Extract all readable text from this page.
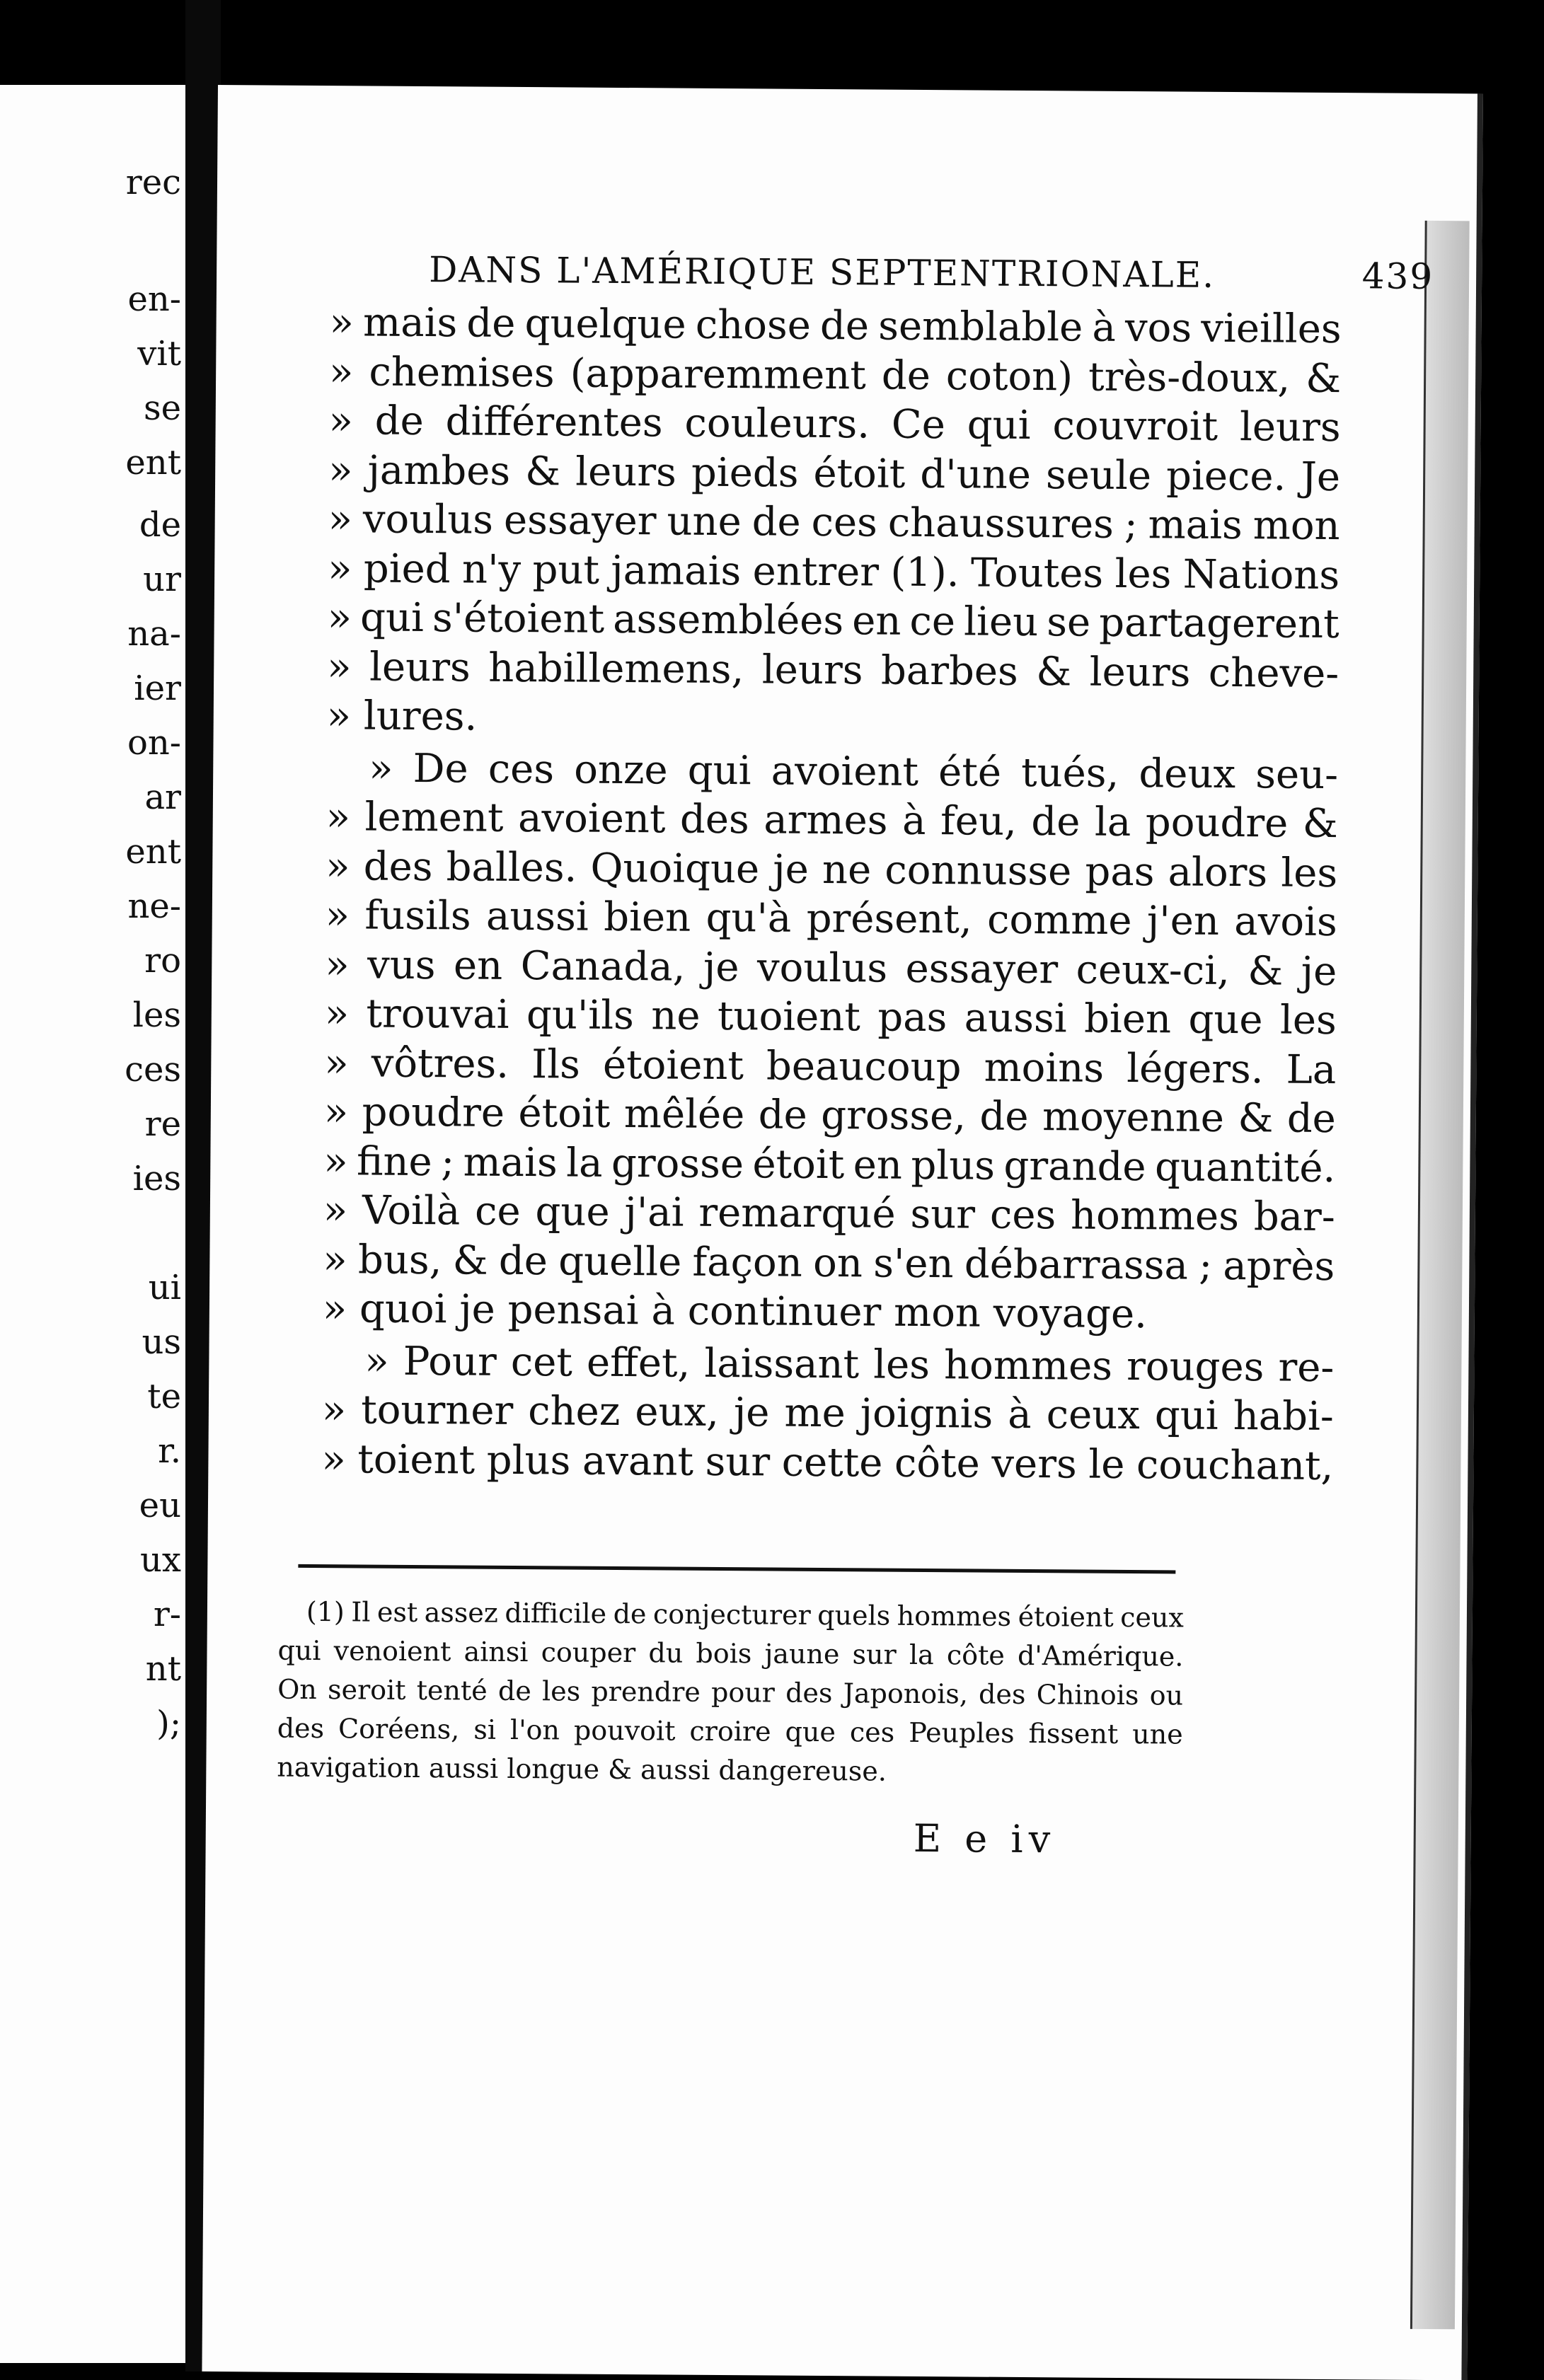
rec
en-
vit
se
ent
de
ur
na-
ier
on-
ar
ent
ne-
ro
les
ces
re
ies
ui
us
te
r.
eu
ux
r-
nt
);
DANS L'AMÉRIQUE SEPTENTRIONALE.	439
» mais de quelque chose de semblable à vos vieilles
» chemises (apparemment de coton) très-doux, &
» de différentes couleurs. Ce qui couvroit leurs
» jambes & leurs pieds étoit d'une seule piece. Je
» voulus essayer une de ces chaussures ; mais mon
» pied n'y put jamais entrer (1). Toutes les Nations
» qui s'étoient assemblées en ce lieu se partagerent
» leurs habillemens, leurs barbes & leurs cheve-
» lures.
» De ces onze qui avoient été tués, deux seu-
» lement avoient des armes à feu, de la poudre &
» des balles. Quoique je ne connusse pas alors les
» fusils aussi bien qu'à présent, comme j'en avois
» vus en Canada, je voulus essayer ceux-ci, & je
» trouvai qu'ils ne tuoient pas aussi bien que les
» vôtres. Ils étoient beaucoup moins légers. La
» poudre étoit mêlée de grosse, de moyenne & de
» fine ; mais la grosse étoit en plus grande quantité.
» Voilà ce que j'ai remarqué sur ces hommes bar-
» bus, & de quelle façon on s'en débarrassa ; après
» quoi je pensai à continuer mon voyage.
» Pour cet effet, laissant les hommes rouges re-
» tourner chez eux, je me joignis à ceux qui habi-
» toient plus avant sur cette côte vers le couchant,
(1) Il est assez difficile de conjecturer quels hommes étoient ceux
qui venoient ainsi couper du bois jaune sur la côte d'Amérique.
On seroit tenté de les prendre pour des Japonois, des Chinois ou
des Coréens, si l'on pouvoit croire que ces Peuples fissent une
navigation aussi longue & aussi dangereuse.
E e iv
